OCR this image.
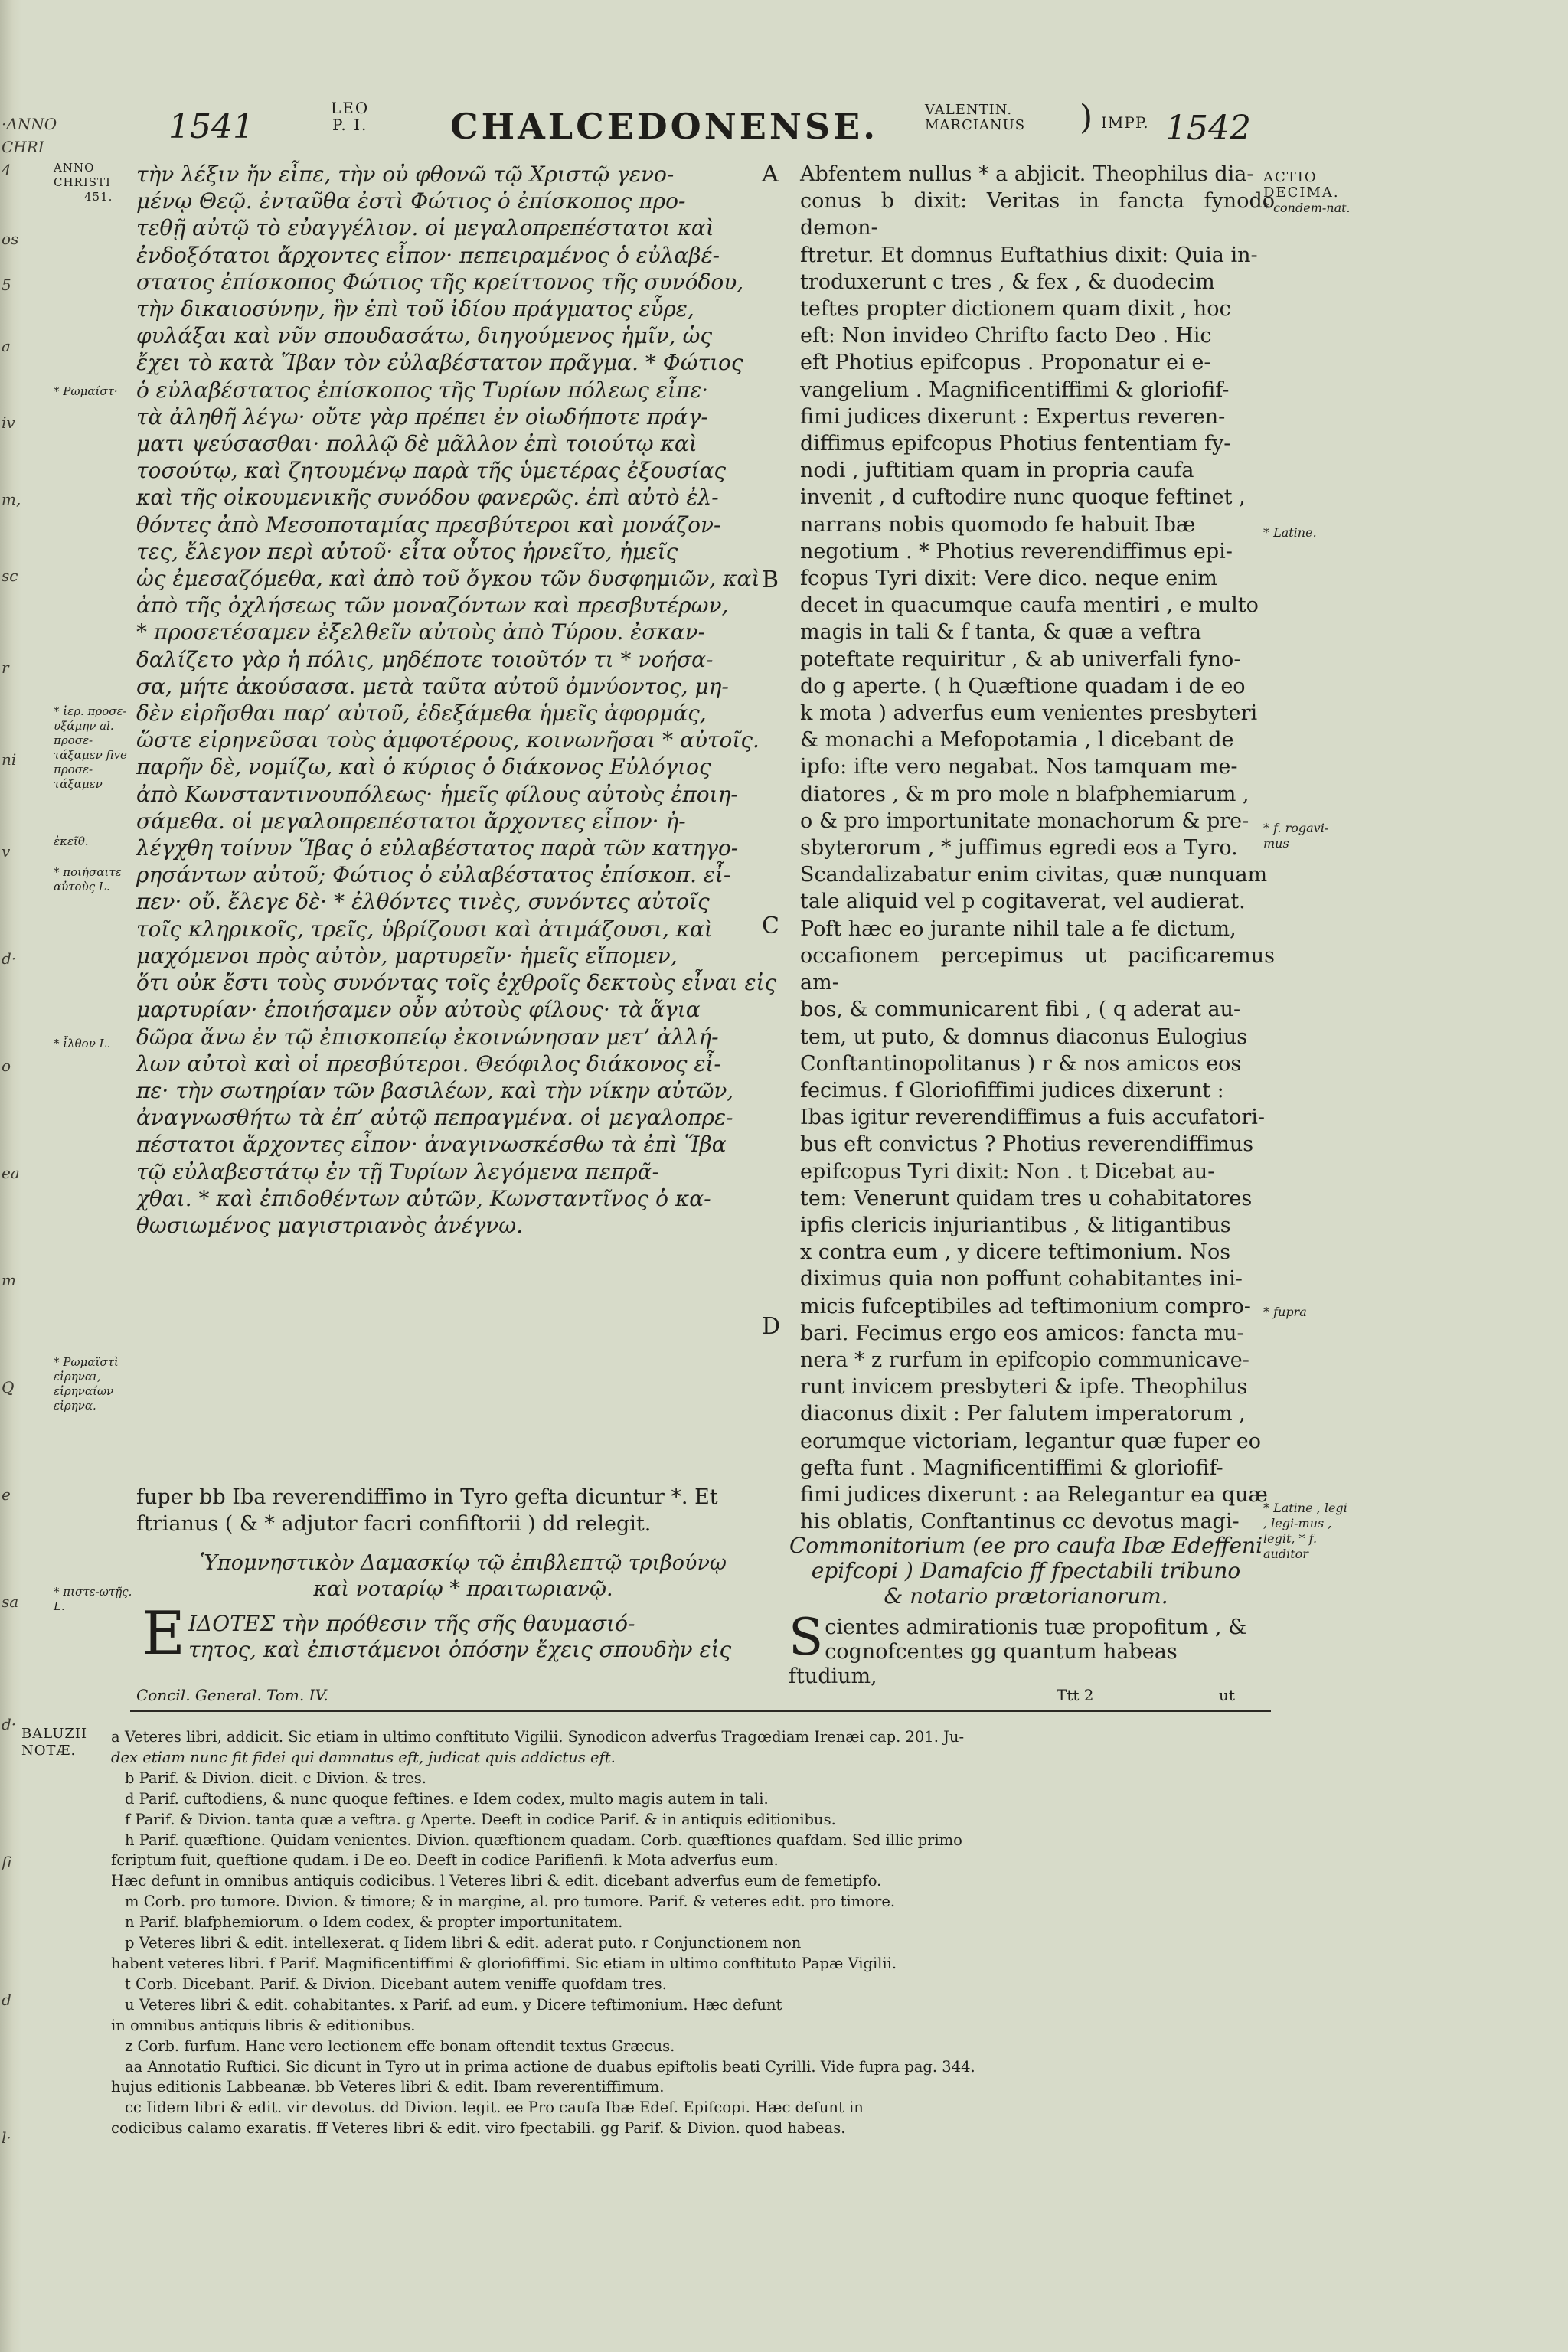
·ANNO
CHRI
4
os
5
a
iv
m,
sc
r
ni
v
d·
o
ea
m
Q
e
sa
d·
fi
d
l·
1541	LEO
P. I. CHALCEDONENSE.	VALENTIN.
MARCIANUS ) IMPP. 1542
ANNO
CHRISTI
451.
* Pωμαίστ·
* ἱερ. προσε-υξάμην al. προσε-τάξαμεν five προσε-τάξαμεν
ἐκεῖθ.
* ποιήσαιτε αὐτοὺς L.
* ἷλθον L.
* Pωμαϊστὶ εἰρηναι, εἰρηναίων εἰρηνα.
* πιστε-ωτῇς. L.
ACTIO
DECIMA.
* condem-nat.
* Latine.
* f. rogavi-mus
* fupra
* Latine , legi , legi-mus , legit, * f. auditor
A
B
C
D
τὴν λέξιν ἤν εἶπε, τὴν οὐ φθονῶ τῷ Χριστῷ γενο-
μένῳ Θεῷ. ἐνταῦθα ἐστὶ Φώτιος ὁ ἐπίσκοπος προ-
τεθῇ αὐτῷ τὸ εὐαγγέλιον. οἱ μεγαλοπρεπέστατοι καὶ
ἐνδοξότατοι ἄρχοντες εἶπον· πεπειραμένος ὁ εὐλαβέ-
στατος ἐπίσκοπος Φώτιος τῆς κρείττονος τῆς συνόδου,
τὴν δικαιοσύνην, ἣν ἐπὶ τοῦ ἰδίου πράγματος εὗρε,
φυλάξαι καὶ νῦν σπουδασάτω, διηγούμενος ἡμῖν, ὡς
ἔχει τὸ κατὰ Ἵβαν τὸν εὐλαβέστατον πρᾶγμα. * Φώτιος
ὁ εὐλαβέστατος ἐπίσκοπος τῆς Τυρίων πόλεως εἶπε·
τὰ ἀληθῆ λέγω· οὔτε γὰρ πρέπει ἐν οἱωδήποτε πράγ-
ματι ψεύσασθαι· πολλῷ δὲ μᾶλλον ἐπὶ τοιούτῳ καὶ
τοσούτῳ, καὶ ζητουμένῳ παρὰ τῆς ὑμετέρας ἐξουσίας
καὶ τῆς οἰκουμενικῆς συνόδου φανερῶς. ἐπὶ αὐτὸ ἐλ-
θόντες ἀπὸ Μεσοποταμίας πρεσβύτεροι καὶ μονάζον-
τες, ἔλεγον περὶ αὐτοῦ· εἶτα οὗτος ἠρνεῖτο, ἡμεῖς
ὡς ἐμεσαζόμεθα, καὶ ἀπὸ τοῦ ὄγκου τῶν δυσφημιῶν, καὶ
ἀπὸ τῆς ὀχλήσεως τῶν μοναζόντων καὶ πρεσβυτέρων,
* προσετέσαμεν ἐξελθεῖν αὐτοὺς ἀπὸ Τύρου. ἐσκαν-
δαλίζετο γὰρ ἡ πόλις, μηδέποτε τοιοῦτόν τι * νοήσα-
σα, μήτε ἀκούσασα. μετὰ ταῦτα αὐτοῦ ὀμνύοντος, μη-
δὲν εἰρῆσθαι παρ’ αὐτοῦ, ἐδεξάμεθα ἡμεῖς ἀφορμάς,
ὥστε εἰρηνεῦσαι τοὺς ἀμφοτέρους, κοινωνῆσαι * αὐτοῖς.
παρῆν δὲ, νομίζω, καὶ ὁ κύριος ὁ διάκονος Εὐλόγιος
ἀπὸ Κωνσταντινουπόλεως· ἡμεῖς φίλους αὐτοὺς ἐποιη-
σάμεθα. οἱ μεγαλοπρεπέστατοι ἄρχοντες εἶπον· ἠ-
λέγχθη τοίνυν Ἵβας ὁ εὐλαβέστατος παρὰ τῶν κατηγο-
ρησάντων αὐτοῦ; Φώτιος ὁ εὐλαβέστατος ἐπίσκοπ. εἶ-
πεν· οὔ. ἔλεγε δὲ· * ἐλθόντες τινὲς, συνόντες αὐτοῖς
τοῖς κληρικοῖς, τρεῖς, ὑβρίζουσι καὶ ἀτιμάζουσι, καὶ
μαχόμενοι πρὸς αὐτὸν, μαρτυρεῖν· ἡμεῖς εἴπομεν,
ὅτι οὐκ ἔστι τοὺς συνόντας τοῖς ἐχθροῖς δεκτοὺς εἶναι εἰς
μαρτυρίαν· ἐποιήσαμεν οὖν αὐτοὺς φίλους· τὰ ἅγια
δῶρα ἄνω ἐν τῷ ἐπισκοπείῳ ἐκοινώνησαν μετ’ ἀλλή-
λων αὐτοὶ καὶ οἱ πρεσβύτεροι. Θεόφιλος διάκονος εἶ-
πε· τὴν σωτηρίαν τῶν βασιλέων, καὶ τὴν νίκην αὐτῶν,
ἀναγνωσθήτω τὰ ἐπ’ αὐτῷ πεπραγμένα. οἱ μεγαλοπρε-
πέστατοι ἄρχοντες εἶπον· ἀναγινωσκέσθω τὰ ἐπὶ Ἵβα
τῷ εὐλαβεστάτῳ ἐν τῇ Τυρίων λεγόμενα πεπρᾶ-
χθαι. * καὶ ἐπιδοθέντων αὐτῶν, Κωνσταντῖνος ὁ κα-
θωσιωμένος μαγιστριανὸς ἀνέγνω.
Abfentem nullus * a abjicit. Theophilus dia-
conus b dixit: Veritas in fancta fynodo demon-
ftretur. Et domnus Euftathius dixit: Quia in-
troduxerunt c tres , & fex , & duodecim
teftes propter dictionem quam dixit , hoc
eft: Non invideo Chrifto facto Deo . Hic
eft Photius epifcopus . Proponatur ei e-
vangelium . Magnificentiffimi & gloriofif-
fimi judices dixerunt : Expertus reveren-
diffimus epifcopus Photius fententiam fy-
nodi , juftitiam quam in propria caufa
invenit , d cuftodire nunc quoque feftinet ,
narrans nobis quomodo fe habuit Ibæ
negotium . * Photius reverendiffimus epi-
fcopus Tyri dixit: Vere dico. neque enim
decet in quacumque caufa mentiri , e multo
magis in tali & f tanta, & quæ a veftra
poteftate requiritur , & ab univerfali fyno-
do g aperte. ( h Quæftione quadam i de eo
k mota ) adverfus eum venientes presbyteri
& monachi a Mefopotamia , l dicebant de
ipfo: ifte vero negabat. Nos tamquam me-
diatores , & m pro mole n blafphemiarum ,
o & pro importunitate monachorum & pre-
sbyterorum , * juffimus egredi eos a Tyro.
Scandalizabatur enim civitas, quæ nunquam
tale aliquid vel p cogitaverat, vel audierat.
Poft hæc eo jurante nihil tale a fe dictum,
occafionem percepimus ut pacificaremus am-
bos, & communicarent fibi , ( q aderat au-
tem, ut puto, & domnus diaconus Eulogius
Conftantinopolitanus ) r & nos amicos eos
fecimus. f Gloriofiffimi judices dixerunt :
Ibas igitur reverendiffimus a fuis accufatori-
bus eft convictus ? Photius reverendiffimus
epifcopus Tyri dixit: Non . t Dicebat au-
tem: Venerunt quidam tres u cohabitatores
ipfis clericis injuriantibus , & litigantibus
x contra eum , y dicere teftimonium. Nos
diximus quia non poffunt cohabitantes ini-
micis fufceptibiles ad teftimonium compro-
bari. Fecimus ergo eos amicos: fancta mu-
nera * z rurfum in epifcopio communicave-
runt invicem presbyteri & ipfe. Theophilus
diaconus dixit : Per falutem imperatorum ,
eorumque victoriam, legantur quæ fuper eo
gefta funt . Magnificentiffimi & gloriofif-
fimi judices dixerunt : aa Relegantur ea quæ
his oblatis, Conftantinus cc devotus magi-
fuper bb Iba reverendiffimo in Tyro gefta dicuntur *. Et
ftrianus ( & * adjutor facri confiftorii ) dd relegit.
Ὑπομνηστικὸν Δαμασκίῳ τῷ ἐπιβλεπτῷ τριβούνῳ
καὶ νοταρίῳ * πραιτωριανῷ.
Commonitorium (ee pro caufa Ibæ Edeffeni
epifcopi ) Damafcio ff fpectabili tribuno
& notario prætorianorum.
E IΔOTEΣ τὴν πρόθεσιν τῆς σῆς θαυμασιό-
τητος, καὶ ἐπιστάμενοι ὁπόσην ἔχεις σπουδὴν εἰς	S cientes admirationis tuæ propofitum , &
cognofcentes gg quantum habeas ftudium,
Concil. General. Tom. IV.	Ttt 2	ut
BALUZII
NOTÆ.

a Veteres libri, addicit. Sic etiam in ultimo conftituto Vigilii. Synodicon adverfus Tragœdiam Irenæi cap. 201. Ju-

dex etiam nunc fit fidei qui damnatus eft, judicat quis addictus eft.

b Parif. & Divion. dicit. c Divion. & tres.

d Parif. cuftodiens, & nunc quoque feftines. e Idem codex, multo magis autem in tali.

f Parif. & Divion. tanta quæ a veftra. g Aperte. Deeft in codice Parif. & in antiquis editionibus.

h Parif. quæftione. Quidam venientes. Divion. quæftionem quadam. Corb. quæftiones quafdam. Sed illic primo

fcriptum fuit, queftione qudam. i De eo. Deeft in codice Parifienfi. k Mota adverfus eum.

Hæc defunt in omnibus antiquis codicibus. l Veteres libri & edit. dicebant adverfus eum de femetipfo.

m Corb. pro tumore. Divion. & timore; & in margine, al. pro tumore. Parif. & veteres edit. pro timore.

n Parif. blafphemiorum. o Idem codex, & propter importunitatem.

p Veteres libri & edit. intellexerat. q Iidem libri & edit. aderat puto. r Conjunctionem non

habent veteres libri. f Parif. Magnificentiffimi & gloriofiffimi. Sic etiam in ultimo conftituto Papæ Vigilii.

t Corb. Dicebant. Parif. & Divion. Dicebant autem veniffe quofdam tres.

u Veteres libri & edit. cohabitantes. x Parif. ad eum. y Dicere teftimonium. Hæc defunt

in omnibus antiquis libris & editionibus.

z Corb. furfum. Hanc vero lectionem effe bonam oftendit textus Græcus.

aa Annotatio Ruftici. Sic dicunt in Tyro ut in prima actione de duabus epiftolis beati Cyrilli. Vide fupra pag. 344.

hujus editionis Labbeanæ. bb Veteres libri & edit. Ibam reverentiffimum.

cc Iidem libri & edit. vir devotus. dd Divion. legit. ee Pro caufa Ibæ Edef. Epifcopi. Hæc defunt in

codicibus calamo exaratis. ff Veteres libri & edit. viro fpectabili. gg Parif. & Divion. quod habeas.
